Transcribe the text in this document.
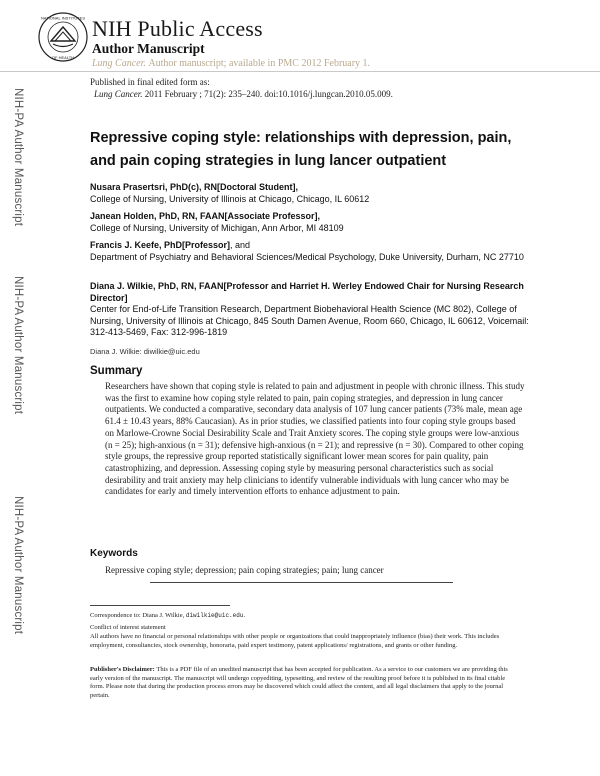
NATIONAL INSTITUTES
OF HEALTH
NIH Public Access
Author Manuscript
Lung Cancer. Author manuscript; available in PMC 2012 February 1.
Published in final edited form as:
Lung Cancer. 2011 February ; 71(2): 235–240. doi:10.1016/j.lungcan.2010.05.009.
NIH-PA Author Manuscript
NIH-PA Author Manuscript
NIH-PA Author Manuscript
Repressive coping style: relationships with depression, pain, and pain coping strategies in lung lancer outpatient
Nusara Prasertsri, PhD(c), RN[Doctoral Student],
College of Nursing, University of Illinois at Chicago, Chicago, IL 60612
Janean Holden, PhD, RN, FAAN[Associate Professor],
College of Nursing, University of Michigan, Ann Arbor, MI 48109
Francis J. Keefe, PhD[Professor], and
Department of Psychiatry and Behavioral Sciences/Medical Psychology, Duke University, Durham, NC 27710
Diana J. Wilkie, PhD, RN, FAAN[Professor and Harriet H. Werley Endowed Chair for Nursing Research Director]
Center for End-of-Life Transition Research, Department Biobehavioral Health Science (MC 802), College of Nursing, University of Illinois at Chicago, 845 South Damen Avenue, Room 660, Chicago, IL 60612, Voicemail: 312-413-5469, Fax: 312-996-1819
Diana J. Wilkie: diwilkie@uic.edu
Summary
Researchers have shown that coping style is related to pain and adjustment in people with chronic illness. This study was the first to examine how coping style related to pain, pain coping strategies, and depression in lung cancer outpatients. We conducted a comparative, secondary data analysis of 107 lung cancer patients (73% male, mean age 61.4 ± 10.43 years, 88% Caucasian). As in prior studies, we classified patients into four coping style groups based on Marlowe-Crowne Social Desirability Scale and Trait Anxiety scores. The coping style groups were low-anxious (n = 25); high-anxious (n = 31); defensive high-anxious (n = 21); and repressive (n = 30). Compared to other coping style groups, the repressive group reported statistically significant lower mean scores for pain quality, pain catastrophizing, and depression. Assessing coping style by measuring personal characteristics such as social desirability and trait anxiety may help clinicians to identify vulnerable individuals with lung cancer who may be candidates for early and timely intervention efforts to enhance adjustment to pain.
Keywords
Repressive coping style; depression; pain coping strategies; pain; lung cancer
Correspondence to: Diana J. Wilkie, diwilkie@uic.edu.
Conflict of interest statement
All authors have no financial or personal relationships with other people or organizations that could inappropriately influence (bias) their work. This includes employment, consultancies, stock ownership, honoraria, paid expert testimony, patent applications/ registrations, and grants or other funding.
Publisher's Disclaimer: This is a PDF file of an unedited manuscript that has been accepted for publication. As a service to our customers we are providing this early version of the manuscript. The manuscript will undergo copyediting, typesetting, and review of the resulting proof before it is published in its final citable form. Please note that during the production process errors may be discovered which could affect the content, and all legal disclaimers that apply to the journal pertain.
